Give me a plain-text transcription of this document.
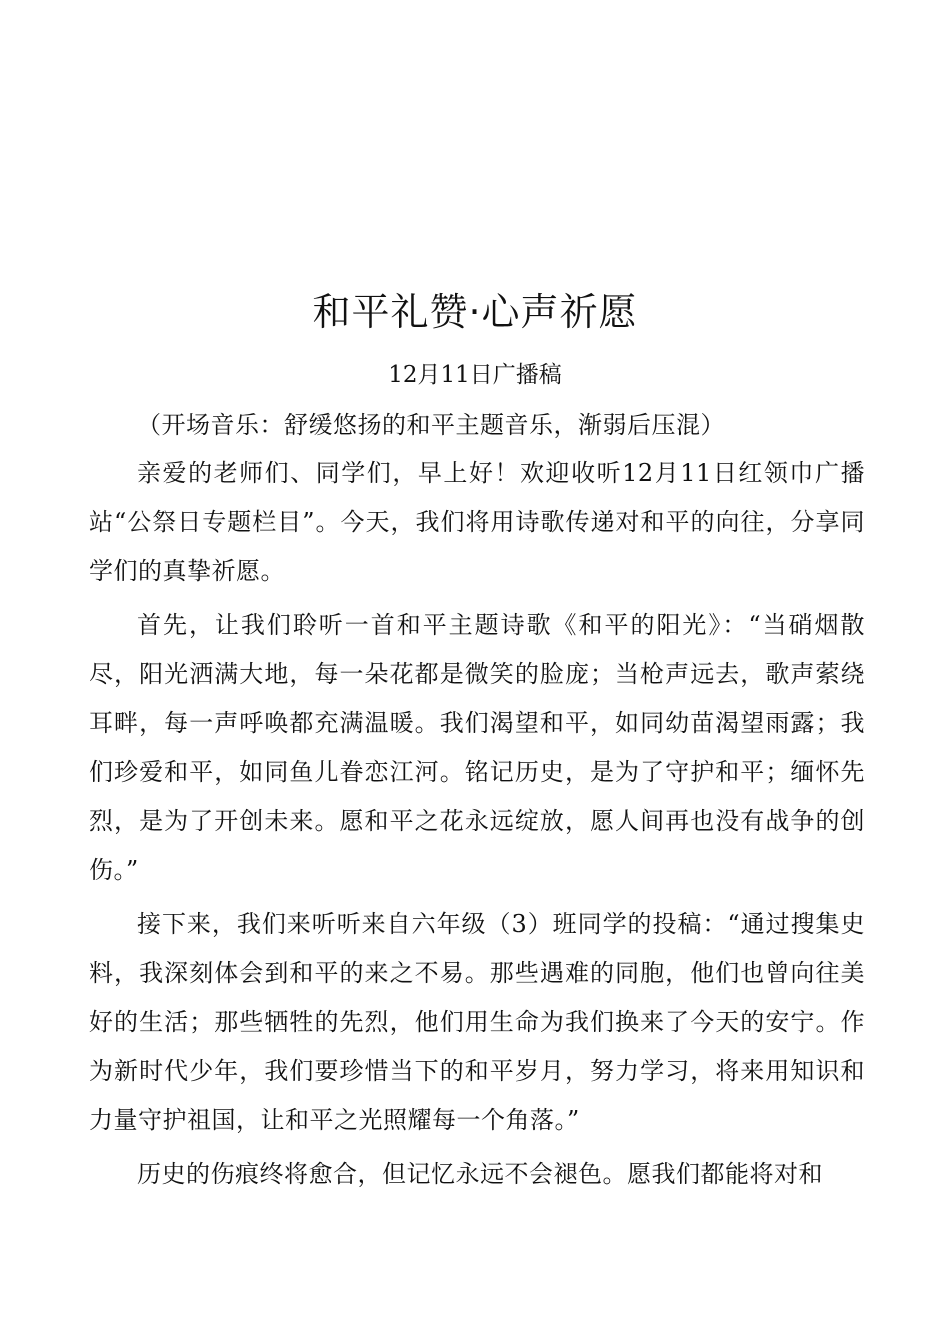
和平礼赞·心声祈愿

12月11日广播稿

（开场音乐：舒缓悠扬的和平主题音乐，渐弱后压混）

亲爱的老师们、同学们，早上好！欢迎收听12月11日红领巾广播站“公祭日专题栏目”。今天，我们将用诗歌传递对和平的向往，分享同学们的真挚祈愿。

首先，让我们聆听一首和平主题诗歌《和平的阳光》：“当硝烟散尽，阳光洒满大地，每一朵花都是微笑的脸庞；当枪声远去，歌声萦绕耳畔，每一声呼唤都充满温暖。我们渴望和平，如同幼苗渴望雨露；我们珍爱和平，如同鱼儿眷恋江河。铭记历史，是为了守护和平；缅怀先烈，是为了开创未来。愿和平之花永远绽放，愿人间再也没有战争的创伤。”

接下来，我们来听听来自六年级（3）班同学的投稿：“通过搜集史料，我深刻体会到和平的来之不易。那些遇难的同胞，他们也曾向往美好的生活；那些牺牲的先烈，他们用生命为我们换来了今天的安宁。作为新时代少年，我们要珍惜当下的和平岁月，努力学习，将来用知识和力量守护祖国，让和平之光照耀每一个角落。”

历史的伤痕终将愈合，但记忆永远不会褪色。愿我们都能将对和
